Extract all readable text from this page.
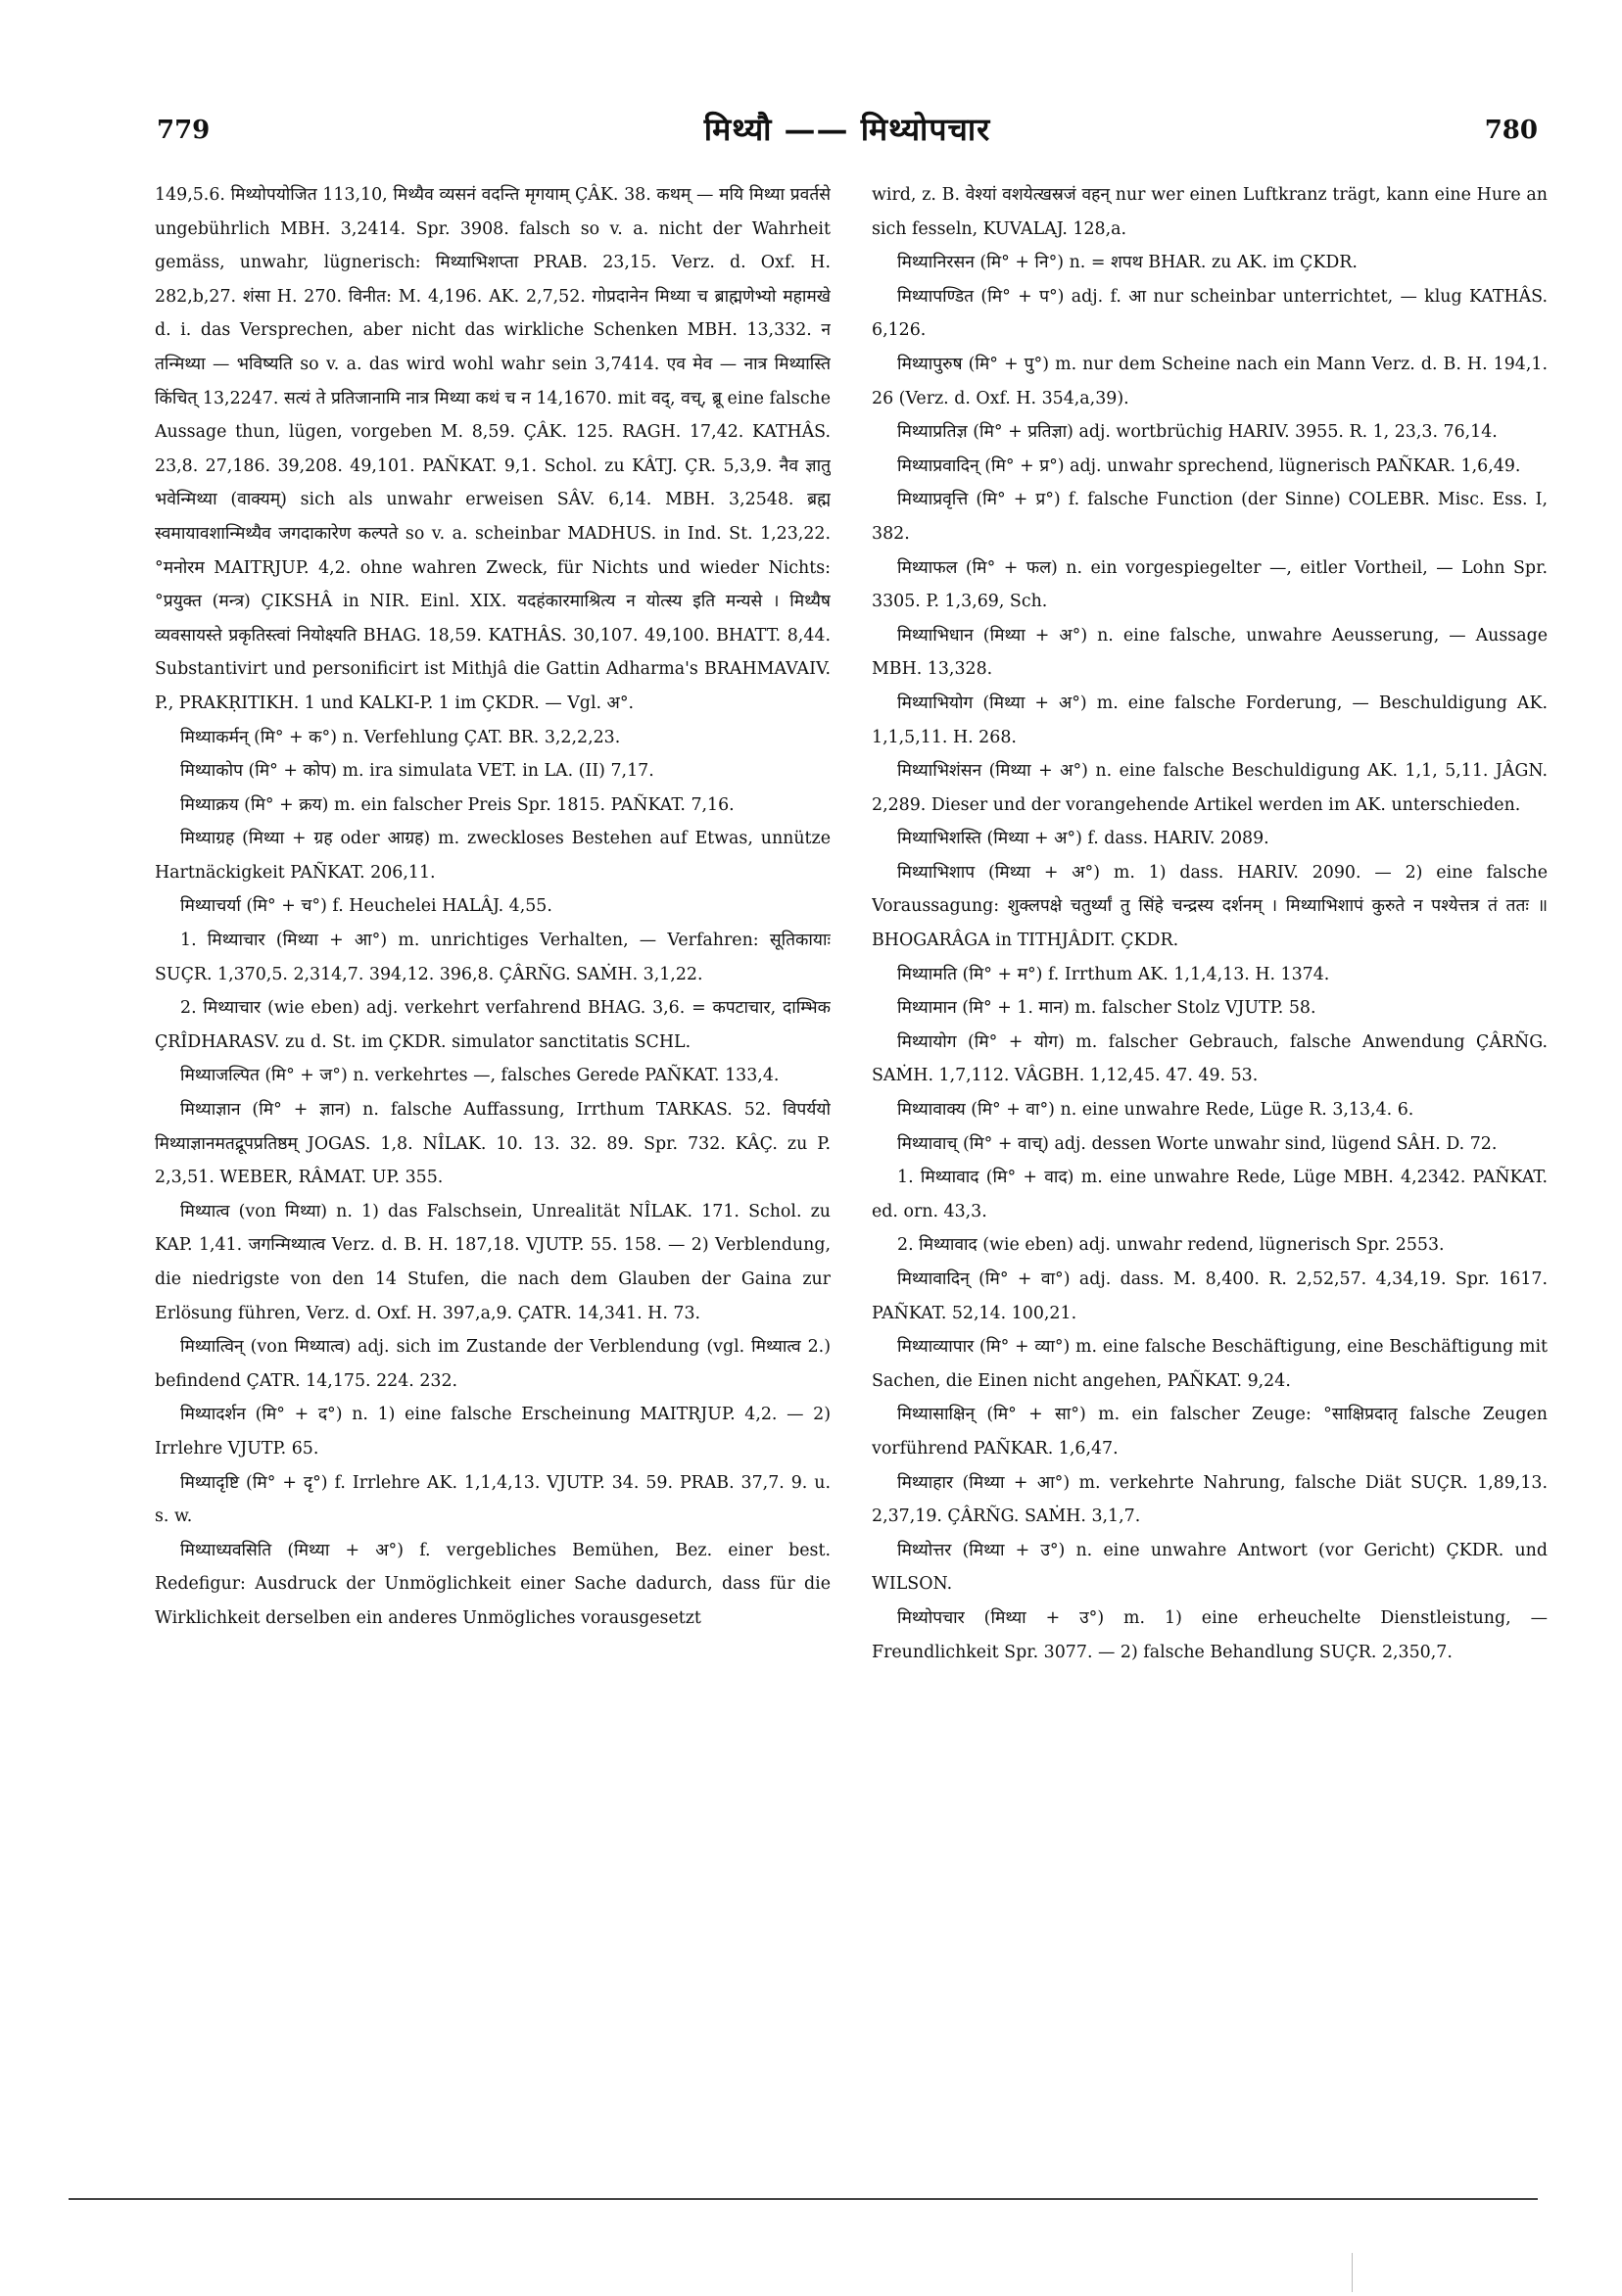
779	मिथ्यौ —— मिथ्योपचार	780

149,5.6. मिथ्योपयोजित 113,10, मिथ्यैव व्यसनं वदन्ति मृगयाम् ÇÂK. 38. कथम् — मयि मिथ्या प्रवर्तसे ungebührlich MBH. 3,2414. Spr. 3908. falsch so v. a. nicht der Wahrheit gemäss, unwahr, lügnerisch: मिथ्याभिशप्ता PRAB. 23,15. Verz. d. Oxf. H. 282,b,27. शंसा H. 270. विनीत: M. 4,196. AK. 2,7,52. गोप्रदानेन मिथ्या च ब्राह्मणेभ्यो महामखे d. i. das Versprechen, aber nicht das wirkliche Schenken MBH. 13,332. न तन्मिथ्या — भविष्यति so v. a. das wird wohl wahr sein 3,7414. एव मेव — नात्र मिथ्यास्ति किंचित् 13,2247. सत्यं ते प्रतिजानामि नात्र मिथ्या कथं च न 14,1670. mit वद्, वच्, ब्रू eine falsche Aussage thun, lügen, vorgeben M. 8,59. ÇÂK. 125. RAGH. 17,42. KATHÂS. 23,8. 27,186. 39,208. 49,101. PAÑKAT. 9,1. Schol. zu KÂTJ. ÇR. 5,3,9. नैव ज्ञातु भवेन्मिथ्या (वाक्यम्) sich als unwahr erweisen SÂV. 6,14. MBH. 3,2548. ब्रह्म स्वमायावशान्मिथ्यैव जगदाकारेण कल्पते so v. a. scheinbar MADHUS. in Ind. St. 1,23,22. °मनोरम MAITRJUP. 4,2. ohne wahren Zweck, für Nichts und wieder Nichts: °प्रयुक्त (मन्त्र) ÇIKSHÂ in NIR. Einl. XIX. यदहंकारमाश्रित्य न योत्स्य इति मन्यसे । मिथ्यैष व्यवसायस्ते प्रकृतिस्त्वां नियोक्ष्यति BHAG. 18,59. KATHÂS. 30,107. 49,100. BHATT. 8,44. Substantivirt und personificirt ist Mithjâ die Gattin Adharma's BRAHMAVAIV. P., PRAKṚITIKH. 1 und KALKI-P. 1 im ÇKDR. — Vgl. अ°.

मिथ्याकर्मन् (मि° + क°) n. Verfehlung ÇAT. BR. 3,2,2,23.

मिथ्याकोप (मि° + कोप) m. ira simulata VET. in LA. (II) 7,17.

मिथ्याक्रय (मि° + क्रय) m. ein falscher Preis Spr. 1815. PAÑKAT. 7,16.

मिथ्याग्रह (मिथ्या + ग्रह oder आग्रह) m. zweckloses Bestehen auf Etwas, unnütze Hartnäckigkeit PAÑKAT. 206,11.

मिथ्याचर्या (मि° + च°) f. Heuchelei HALÂJ. 4,55.

1. मिथ्याचार (मिथ्या + आ°) m. unrichtiges Verhalten, — Verfahren: सूतिकायाः SUÇR. 1,370,5. 2,314,7. 394,12. 396,8. ÇÂRÑG. SAṀH. 3,1,22.

2. मिथ्याचार (wie eben) adj. verkehrt verfahrend BHAG. 3,6. = कपटाचार, दाम्भिक ÇRÎDHARASV. zu d. St. im ÇKDR. simulator sanctitatis SCHL.

मिथ्याजल्पित (मि° + ज°) n. verkehrtes —, falsches Gerede PAÑKAT. 133,4.

मिथ्याज्ञान (मि° + ज्ञान) n. falsche Auffassung, Irrthum TARKAS. 52. विपर्ययो मिथ्याज्ञानमतद्रूपप्रतिष्ठम् JOGAS. 1,8. NÎLAK. 10. 13. 32. 89. Spr. 732. KÂÇ. zu P. 2,3,51. WEBER, RÂMAT. UP. 355.

मिथ्यात्व (von मिथ्या) n. 1) das Falschsein, Unrealität NÎLAK. 171. Schol. zu KAP. 1,41. जगन्मिथ्यात्व Verz. d. B. H. 187,18. VJUTP. 55. 158. — 2) Verblendung, die niedrigste von den 14 Stufen, die nach dem Glauben der Gaina zur Erlösung führen, Verz. d. Oxf. H. 397,a,9. ÇATR. 14,341. H. 73.

मिथ्यात्विन् (von मिथ्यात्व) adj. sich im Zustande der Verblendung (vgl. मिथ्यात्व 2.) befindend ÇATR. 14,175. 224. 232.

मिथ्यादर्शन (मि° + द°) n. 1) eine falsche Erscheinung MAITRJUP. 4,2. — 2) Irrlehre VJUTP. 65.

मिथ्यादृष्टि (मि° + दृ°) f. Irrlehre AK. 1,1,4,13. VJUTP. 34. 59. PRAB. 37,7. 9. u. s. w.

मिथ्याध्यवसिति (मिथ्या + अ°) f. vergebliches Bemühen, Bez. einer best. Redefigur: Ausdruck der Unmöglichkeit einer Sache dadurch, dass für die Wirklichkeit derselben ein anderes Unmögliches vorausgesetzt

wird, z. B. वेश्यां वशयेत्खस्रजं वहन् nur wer einen Luftkranz trägt, kann eine Hure an sich fesseln, KUVALAJ. 128,a.

मिथ्यानिरसन (मि° + नि°) n. = शपथ BHAR. zu AK. im ÇKDR.

मिथ्यापण्डित (मि° + प°) adj. f. आ nur scheinbar unterrichtet, — klug KATHÂS. 6,126.

मिथ्यापुरुष (मि° + पु°) m. nur dem Scheine nach ein Mann Verz. d. B. H. 194,1. 26 (Verz. d. Oxf. H. 354,a,39).

मिथ्याप्रतिज्ञ (मि° + प्रतिज्ञा) adj. wortbrüchig HARIV. 3955. R. 1, 23,3. 76,14.

मिथ्याप्रवादिन् (मि° + प्र°) adj. unwahr sprechend, lügnerisch PAÑKAR. 1,6,49.

मिथ्याप्रवृत्ति (मि° + प्र°) f. falsche Function (der Sinne) COLEBR. Misc. Ess. I, 382.

मिथ्याफल (मि° + फल) n. ein vorgespiegelter —, eitler Vortheil, — Lohn Spr. 3305. P. 1,3,69, Sch.

मिथ्याभिधान (मिथ्या + अ°) n. eine falsche, unwahre Aeusserung, — Aussage MBH. 13,328.

मिथ्याभियोग (मिथ्या + अ°) m. eine falsche Forderung, — Beschuldigung AK. 1,1,5,11. H. 268.

मिथ्याभिशंसन (मिथ्या + अ°) n. eine falsche Beschuldigung AK. 1,1, 5,11. JÂGN. 2,289. Dieser und der vorangehende Artikel werden im AK. unterschieden.

मिथ्याभिशस्ति (मिथ्या + अ°) f. dass. HARIV. 2089.

मिथ्याभिशाप (मिथ्या + अ°) m. 1) dass. HARIV. 2090. — 2) eine falsche Voraussagung: शुक्लपक्षे चतुर्थ्यां तु सिंहे चन्द्रस्य दर्शनम् । मिथ्याभिशापं कुरुते न पश्येत्तत्र तं ततः ॥ BHOGARÂGA in TITHJÂDIT. ÇKDR.

मिथ्यामति (मि° + म°) f. Irrthum AK. 1,1,4,13. H. 1374.

मिथ्यामान (मि° + 1. मान) m. falscher Stolz VJUTP. 58.

मिथ्यायोग (मि° + योग) m. falscher Gebrauch, falsche Anwendung ÇÂRÑG. SAṀH. 1,7,112. VÂGBH. 1,12,45. 47. 49. 53.

मिथ्यावाक्य (मि° + वा°) n. eine unwahre Rede, Lüge R. 3,13,4. 6.

मिथ्यावाच् (मि° + वाच्) adj. dessen Worte unwahr sind, lügend SÂH. D. 72.

1. मिथ्यावाद (मि° + वाद) m. eine unwahre Rede, Lüge MBH. 4,2342. PAÑKAT. ed. orn. 43,3.

2. मिथ्यावाद (wie eben) adj. unwahr redend, lügnerisch Spr. 2553.

मिथ्यावादिन् (मि° + वा°) adj. dass. M. 8,400. R. 2,52,57. 4,34,19. Spr. 1617. PAÑKAT. 52,14. 100,21.

मिथ्याव्यापार (मि° + व्या°) m. eine falsche Beschäftigung, eine Beschäftigung mit Sachen, die Einen nicht angehen, PAÑKAT. 9,24.

मिथ्यासाक्षिन् (मि° + सा°) m. ein falscher Zeuge: °साक्षिप्रदातृ falsche Zeugen vorführend PAÑKAR. 1,6,47.

मिथ्याहार (मिथ्या + आ°) m. verkehrte Nahrung, falsche Diät SUÇR. 1,89,13. 2,37,19. ÇÂRÑG. SAṀH. 3,1,7.

मिथ्योत्तर (मिथ्या + उ°) n. eine unwahre Antwort (vor Gericht) ÇKDR. und WILSON.

मिथ्योपचार (मिथ्या + उ°) m. 1) eine erheuchelte Dienstleistung, — Freundlichkeit Spr. 3077. — 2) falsche Behandlung SUÇR. 2,350,7.
